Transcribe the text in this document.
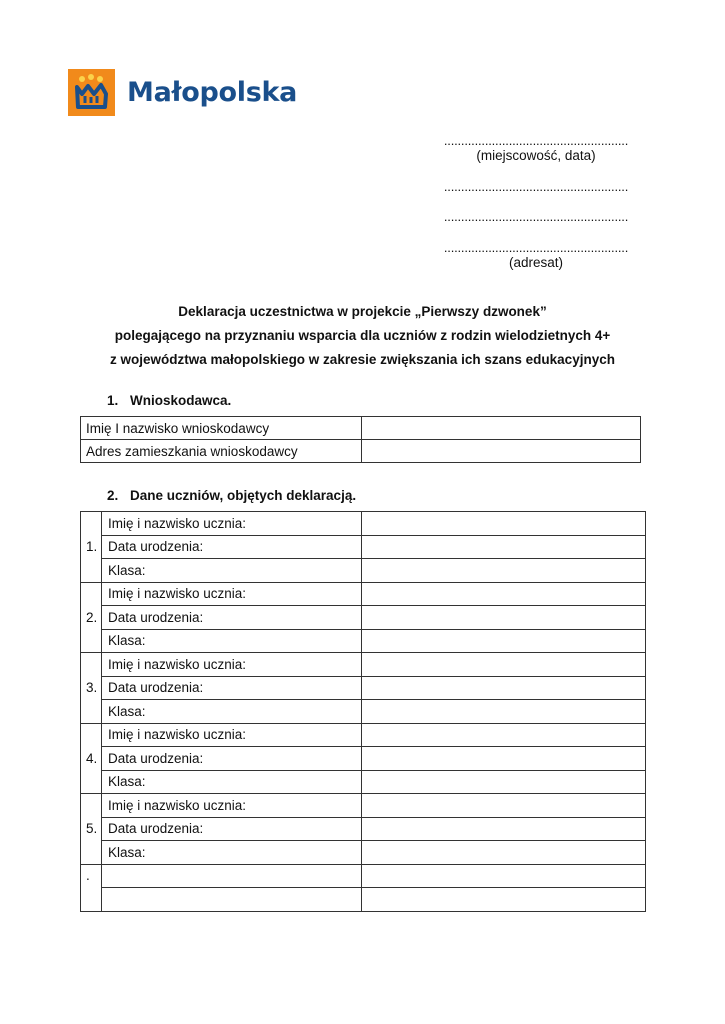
Małopolska
......................................................
(miejscowość, data)
......................................................
......................................................
......................................................
(adresat)
Deklaracja uczestnictwa w projekcie „Pierwszy dzwonek”
polegającego na przyznaniu wsparcia dla uczniów z rodzin wielodzietnych 4+
z województwa małopolskiego w zakresie zwiększania ich szans edukacyjnych
1. Wnioskodawca.
Imię I nazwisko wnioskodawcy	
Adres zamieszkania wnioskodawcy	
2. Dane uczniów, objętych deklaracją.
1.	Imię i nazwisko ucznia:	
	Data urodzenia:	
	Klasa:	
2.	Imię i nazwisko ucznia:	
	Data urodzenia:	
	Klasa:	
3.	Imię i nazwisko ucznia:	
	Data urodzenia:	
	Klasa:	
4.	Imię i nazwisko ucznia:	
	Data urodzenia:	
	Klasa:	
5.	Imię i nazwisko ucznia:	
	Data urodzenia:	
	Klasa:	
.		
